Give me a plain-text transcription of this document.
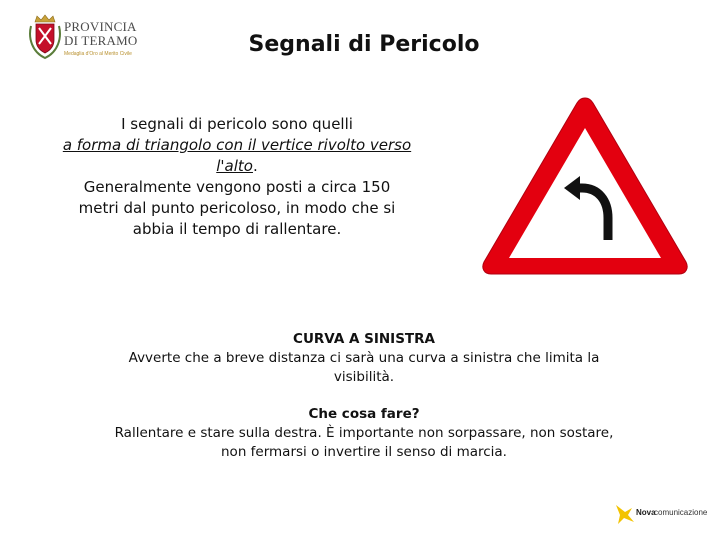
PROVINCIA
DI TERAMO
Medaglia d'Oro al Merito Civile	Segnali di Pericolo

I segnali di pericolo sono quelli

a forma di triangolo con il vertice rivolto verso l'alto.

Generalmente vengono posti a circa 150 metri dal punto pericoloso, in modo che si abbia il tempo di rallentare.

CURVA A SINISTRA

Avverte che a breve distanza ci sarà una curva a sinistra che limita la visibilità.

Che cosa fare?

Rallentare e stare sulla destra. È importante non sorpassare, non sostare, non fermarsi o invertire il senso di marcia.

Nova
comunicazione
